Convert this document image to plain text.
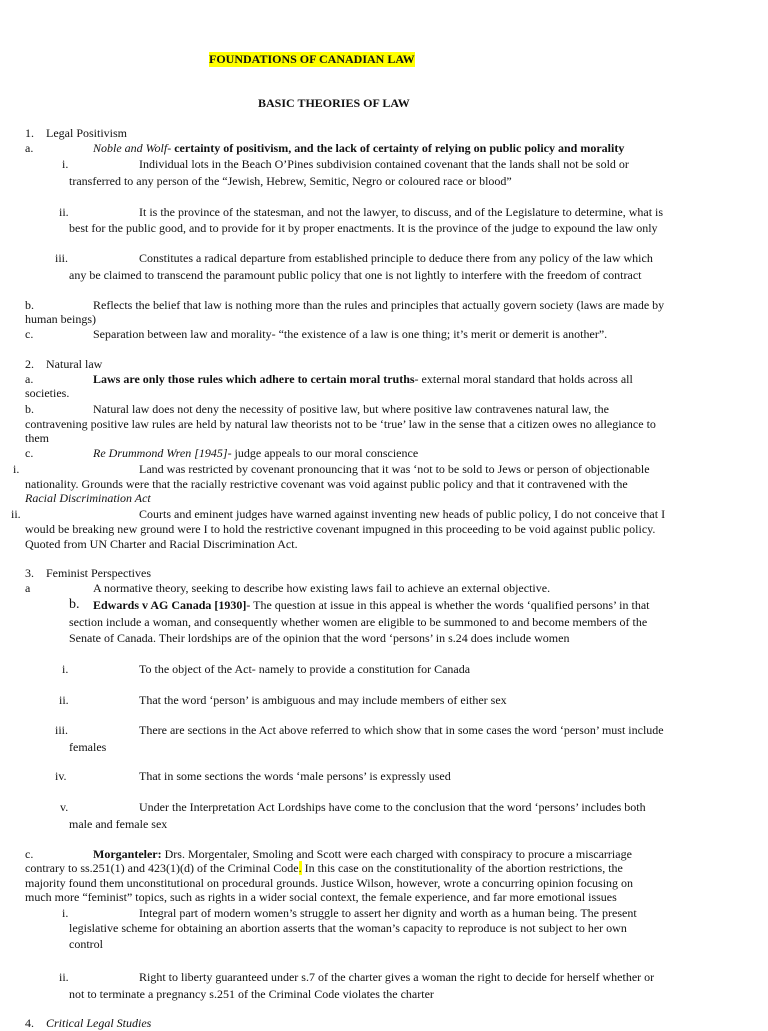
FOUNDATIONS OF CANADIAN LAW
BASIC THEORIES OF LAW
1. Legal Positivism
a.	Noble and Wolf- certainty of positivism, and the lack of certainty of relying on public policy and morality
i.	Individual lots in the Beach O’Pines subdivision contained covenant that the lands shall not be sold or
transferred to any person of the “Jewish, Hebrew, Semitic, Negro or coloured race or blood”
ii.	It is the province of the statesman, and not the lawyer, to discuss, and of the Legislature to determine, what is
best for the public good, and to provide for it by proper enactments. It is the province of the judge to expound the law only
iii.	Constitutes a radical departure from established principle to deduce there from any policy of the law which
any be claimed to transcend the paramount public policy that one is not lightly to interfere with the freedom of contract
b.	Reflects the belief that law is nothing more than the rules and principles that actually govern society (laws are made by
human beings)
c.	Separation between law and morality- “the existence of a law is one thing; it’s merit or demerit is another”.
2. Natural law
a.	Laws are only those rules which adhere to certain moral truths- external moral standard that holds across all
societies.
b.	Natural law does not deny the necessity of positive law, but where positive law contravenes natural law, the
contravening positive law rules are held by natural law theorists not to be ‘true’ law in the sense that a citizen owes no allegiance to
them
c.	Re Drummond Wren [1945]- judge appeals to our moral conscience
i.	Land was restricted by covenant pronouncing that it was ‘not to be sold to Jews or person of objectionable
nationality. Grounds were that the racially restrictive covenant was void against public policy and that it contravened with the
Racial Discrimination Act
ii.	Courts and eminent judges have warned against inventing new heads of public policy, I do not conceive that I
would be breaking new ground were I to hold the restrictive covenant impugned in this proceeding to be void against public policy.
Quoted from UN Charter and Racial Discrimination Act.
3. Feminist Perspectives
a	A normative theory, seeking to describe how existing laws fail to achieve an external objective.
b. Edwards v AG Canada [1930]- The question at issue in this appeal is whether the words ‘qualified persons’ in that
section include a woman, and consequently whether women are eligible to be summoned to and become members of the
Senate of Canada. Their lordships are of the opinion that the word ‘persons’ in s.24 does include women
i.	To the object of the Act- namely to provide a constitution for Canada
ii.	That the word ‘person’ is ambiguous and may include members of either sex
iii.	There are sections in the Act above referred to which show that in some cases the word ‘person’ must include
females
iv.	That in some sections the words ‘male persons’ is expressly used
v.	Under the Interpretation Act Lordships have come to the conclusion that the word ‘persons’ includes both
male and female sex
c.	Morganteler: Drs. Morgentaler, Smoling and Scott were each charged with conspiracy to procure a miscarriage
contrary to ss.251(1) and 423(1)(d) of the Criminal Code. In this case on the constitutionality of the abortion restrictions, the
majority found them unconstitutional on procedural grounds. Justice Wilson, however, wrote a concurring opinion focusing on
much more “feminist” topics, such as rights in a wider social context, the female experience, and far more emotional issues
i.	Integral part of modern women’s struggle to assert her dignity and worth as a human being. The present
legislative scheme for obtaining an abortion asserts that the woman’s capacity to reproduce is not subject to her own
control
ii.	Right to liberty guaranteed under s.7 of the charter gives a woman the right to decide for herself whether or
not to terminate a pregnancy s.251 of the Criminal Code violates the charter
4. Critical Legal Studies
